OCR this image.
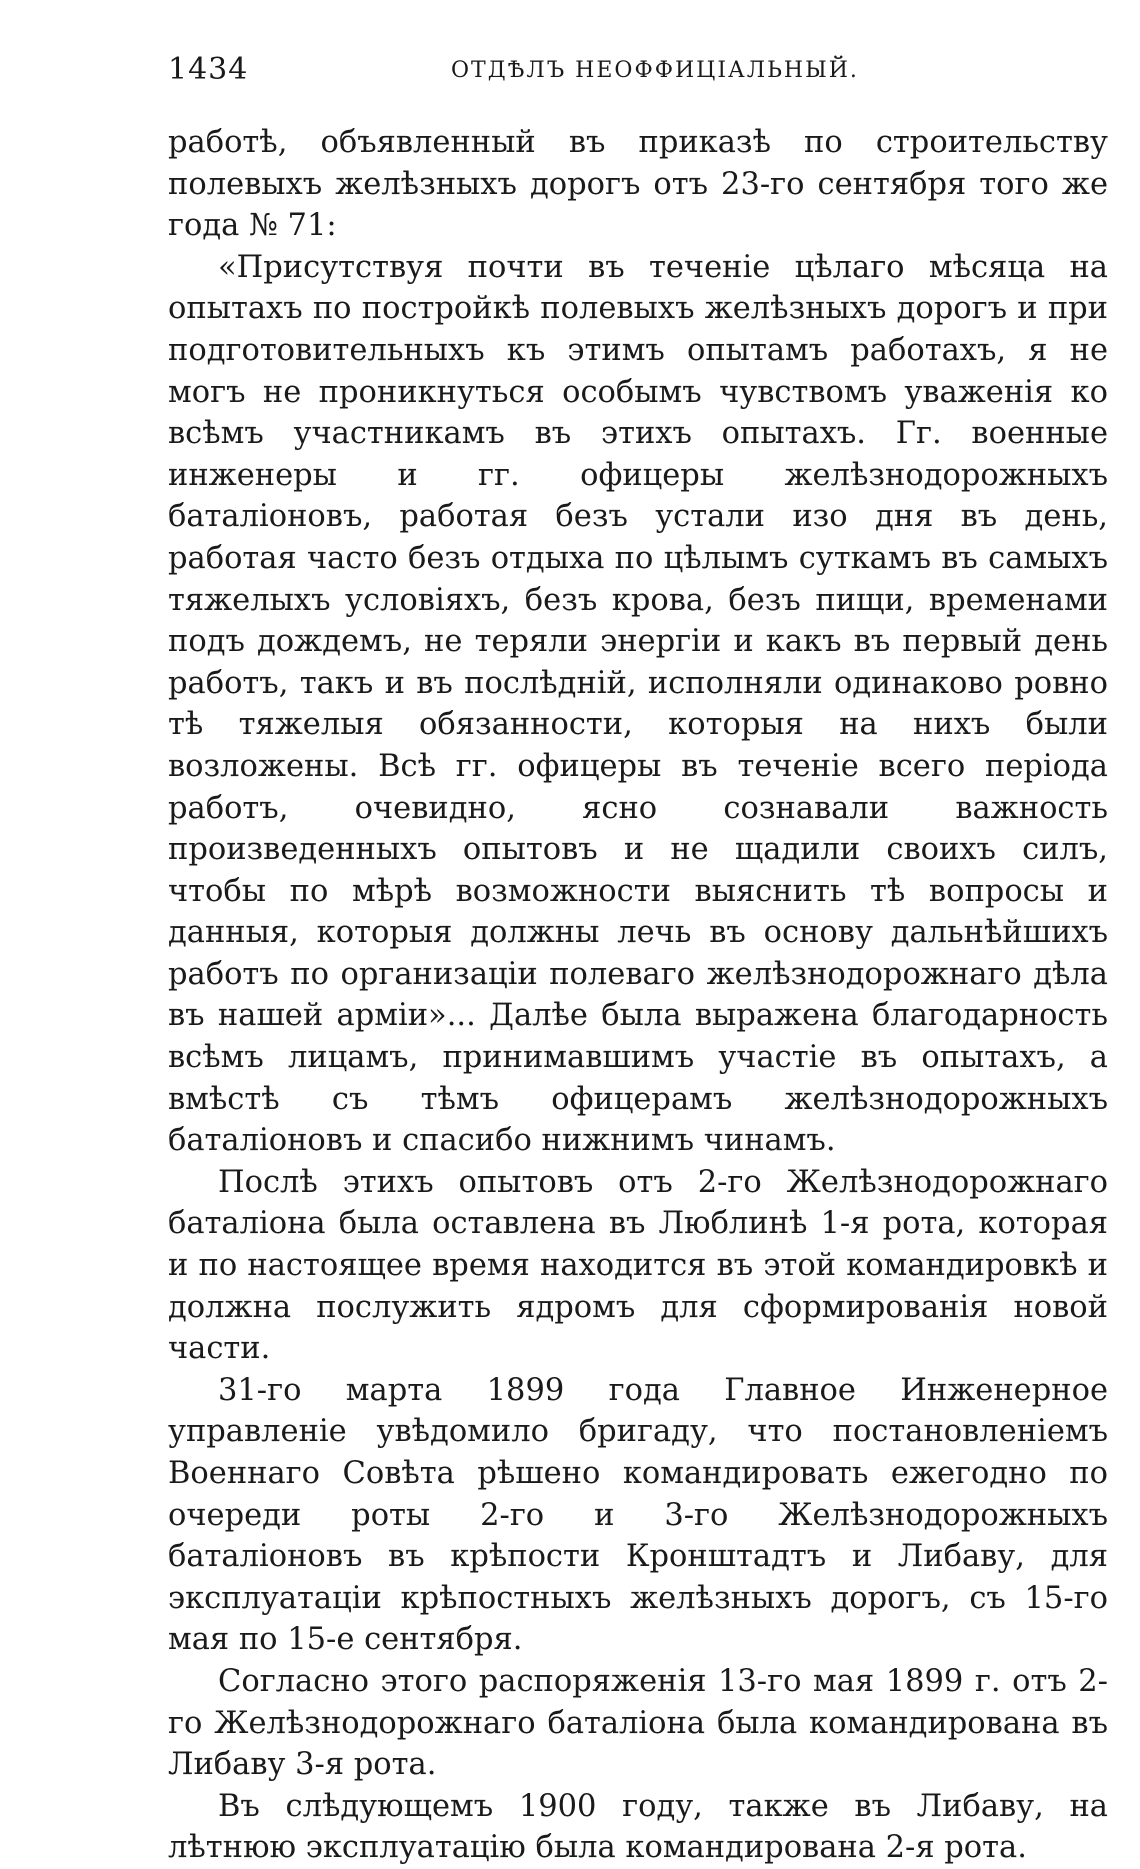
1434	ОТДѢЛЪ НЕОФФИЦІАЛЬНЫЙ.

работѣ, объявленный въ приказѣ по строительству полевыхъ желѣзныхъ дорогъ отъ 23-го сентября того же года № 71:

«Присутствуя почти въ теченіе цѣлаго мѣсяца на опытахъ по постройкѣ полевыхъ желѣзныхъ дорогъ и при подготовительныхъ къ этимъ опытамъ работахъ, я не могъ не проникнуться особымъ чувствомъ уваженія ко всѣмъ участникамъ въ этихъ опытахъ. Гг. военные инженеры и гг. офицеры желѣзнодорожныхъ баталіоновъ, работая безъ устали изо дня въ день, работая часто безъ отдыха по цѣлымъ суткамъ въ самыхъ тяжелыхъ условіяхъ, безъ крова, безъ пищи, временами подъ дождемъ, не теряли энергіи и какъ въ первый день работъ, такъ и въ послѣдній, исполняли одинаково ровно тѣ тяжелыя обязанности, которыя на нихъ были возложены. Всѣ гг. офицеры въ теченіе всего періода работъ, очевидно, ясно сознавали важность произведенныхъ опытовъ и не щадили своихъ силъ, чтобы по мѣрѣ возможности выяснить тѣ вопросы и данныя, которыя должны лечь въ основу дальнѣйшихъ работъ по организаціи полеваго желѣзнодорожнаго дѣла въ нашей арміи»... Далѣе была выражена благодарность всѣмъ лицамъ, принимавшимъ участіе въ опытахъ, а вмѣстѣ съ тѣмъ офицерамъ желѣзнодорожныхъ баталіоновъ и спасибо нижнимъ чинамъ.

Послѣ этихъ опытовъ отъ 2-го Желѣзнодорожнаго баталіона была оставлена въ Люблинѣ 1-я рота, которая и по настоящее время находится въ этой командировкѣ и должна послужить ядромъ для сформированія новой части.

31-го марта 1899 года Главное Инженерное управленіе увѣдомило бригаду, что постановленіемъ Военнаго Совѣта рѣшено командировать ежегодно по очереди роты 2-го и 3-го Желѣзнодорожныхъ баталіоновъ въ крѣпости Кронштадтъ и Либаву, для эксплуатаціи крѣпостныхъ желѣзныхъ дорогъ, съ 15-го мая по 15-е сентября.

Согласно этого распоряженія 13-го мая 1899 г. отъ 2-го Желѣзнодорожнаго баталіона была командирована въ Либаву 3-я рота.

Въ слѣдующемъ 1900 году, также въ Либаву, на лѣтнюю эксплуатацію была командирована 2-я рота.
